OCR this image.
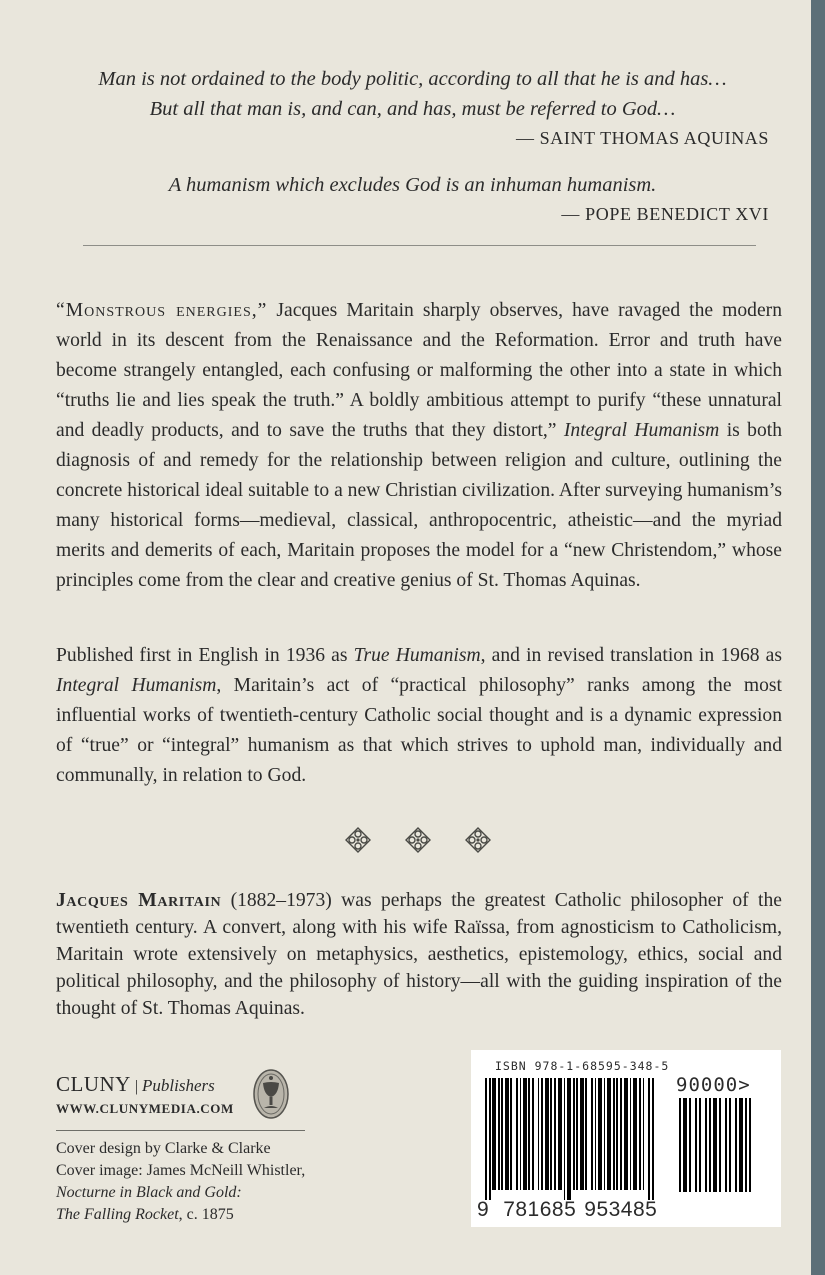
Man is not ordained to the body politic, according to all that he is and has…
But all that man is, and can, and has, must be referred to God…
— SAINT THOMAS AQUINAS
A humanism which excludes God is an inhuman humanism.
— POPE BENEDICT XVI

“Monstrous energies,” Jacques Maritain sharply observes, have ravaged the modern world in its descent from the Renaissance and the Reformation. Error and truth have become strangely entangled, each confusing or malforming the other into a state in which “truths lie and lies speak the truth.” A boldly ambitious attempt to purify “these unnatural and deadly products, and to save the truths that they distort,” Integral Humanism is both diagnosis of and remedy for the relationship between religion and culture, outlining the concrete historical ideal suitable to a new Christian civilization. After surveying humanism’s many historical forms—medieval, classical, anthropocentric, atheistic—and the myriad merits and demerits of each, Maritain proposes the model for a “new Christendom,” whose principles come from the clear and creative genius of St. Thomas Aquinas.

Published first in English in 1936 as True Humanism, and in revised translation in 1968 as Integral Humanism, Maritain’s act of “practical philosophy” ranks among the most influential works of twentieth-century Catholic social thought and is a dynamic expression of “true” or “integral” humanism as that which strives to uphold man, individually and communally, in relation to God.

Jacques Maritain (1882–1973) was perhaps the greatest Catholic philosopher of the twentieth century. A convert, along with his wife Raïssa, from agnosticism to Catholicism, Maritain wrote extensively on metaphysics, aesthetics, epistemology, ethics, social and political philosophy, and the philosophy of history—all with the guiding inspiration of the thought of St. Thomas Aquinas.
CLUNY | Publishers
WWW.CLUNYMEDIA.COM
Cover design by Clarke & Clarke
Cover image: James McNeill Whistler,
Nocturne in Black and Gold:
The Falling Rocket, c. 1875
ISBN 978-1-68595-348-5
90000>
9 781685 953485
